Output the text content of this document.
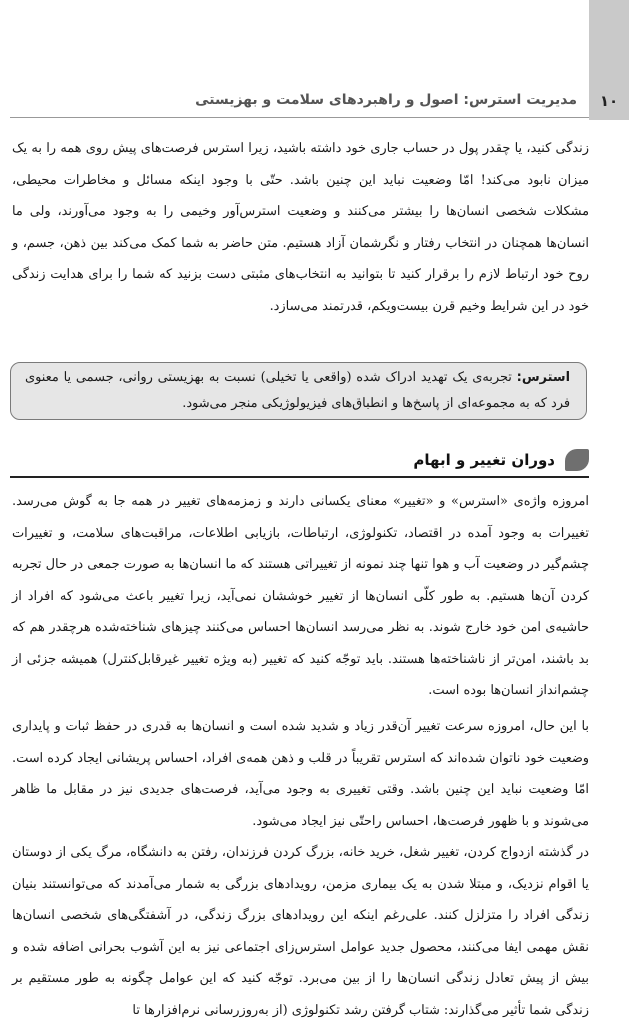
۱۰
مدیریت استرس: اصول و راهبردهای سلامت و بهزیستی

زندگی کنید، یا چقدر پول در حساب جاری خود داشته باشید، زیرا استرس فرصت‌های پیش روی همه را به یک میزان نابود می‌کند! امّا وضعیت نباید این چنین باشد. حتّی با وجود اینکه مسائل و مخاطرات محیطی، مشکلات شخصی انسان‌ها را بیشتر می‌کنند و وضعیت استرس‌آور وخیمی را به وجود می‌آورند، ولی ما انسان‌ها همچنان در انتخاب رفتار و نگرشمان آزاد هستیم. متن حاضر به شما کمک می‌کند بین ذهن، جسم، و روح خود ارتباط لازم را برقرار کنید تا بتوانید به انتخاب‌های مثبتی دست بزنید که شما را برای هدایت زندگی خود در این شرایط وخیم قرن بیست‌ویکم، قدرتمند می‌سازد.

استرس: تجربه‌ی یک تهدید ادراک شده (واقعی یا تخیلی) نسبت به بهزیستی روانی، جسمی یا معنوی فرد که به مجموعه‌ای از پاسخ‌ها و انطباق‌های فیزیولوژیکی منجر می‌شود.
دوران تغییر و ابهام

امروزه واژه‌ی «استرس» و «تغییر» معنای یکسانی دارند و زمزمه‌های تغییر در همه جا به گوش می‌رسد. تغییرات به وجود آمده در اقتصاد، تکنولوژی، ارتباطات، بازیابی اطلاعات، مراقبت‌های سلامت، و تغییرات چشم‌گیر در وضعیت آب و هوا تنها چند نمونه از تغییراتی هستند که ما انسان‌ها به صورت جمعی در حال تجربه کردن آن‌ها هستیم. به طور کلّی انسان‌ها از تغییر خوششان نمی‌آید، زیرا تغییر باعث می‌شود که افراد از حاشیه‌ی امن خود خارج شوند. به نظر می‌رسد انسان‌ها احساس می‌کنند چیزهای شناخته‌شده هرچقدر هم که بد باشند، امن‌تر از ناشناخته‌ها هستند. باید توجّه کنید که تغییر (به ویژه تغییر غیرقابل‌کنترل) همیشه جزئی از چشم‌انداز انسان‌ها بوده است.

با این حال، امروزه سرعت تغییر آن‌قدر زیاد و شدید شده است و انسان‌ها به قدری در حفظ ثبات و پایداری وضعیت خود ناتوان شده‌اند که استرس تقریباً در قلب و ذهن همه‌ی افراد، احساس پریشانی ایجاد کرده است. امّا وضعیت نباید این چنین باشد. وقتی تغییری به وجود می‌آید، فرصت‌های جدیدی نیز در مقابل ما ظاهر می‌شوند و با ظهور فرصت‌ها، احساس راحتّی نیز ایجاد می‌شود.

در گذشته ازدواج کردن، تغییر شغل، خرید خانه، بزرگ کردن فرزندان، رفتن به دانشگاه، مرگ یکی از دوستان یا اقوام نزدیک، و مبتلا شدن به یک بیماری مزمن، رویدادهای بزرگی به شمار می‌آمدند که می‌توانستند بنیان زندگی افراد را متزلزل کنند. علی‌رغم اینکه این رویدادهای بزرگ زندگی، در آشفتگی‌های شخصی انسان‌ها نقش مهمی ایفا می‌کنند، محصول جدید عوامل استرس‌زای اجتماعی نیز به این آشوب بحرانی اضافه شده و بیش از پیش تعادل زندگی انسان‌ها را از بین می‌برد. توجّه کنید که این عوامل چگونه به طور مستقیم بر زندگی شما تأثیر می‌گذارند: شتاب گرفتن رشد تکنولوژی (از به‌روزرسانی نرم‌افزارها تا
